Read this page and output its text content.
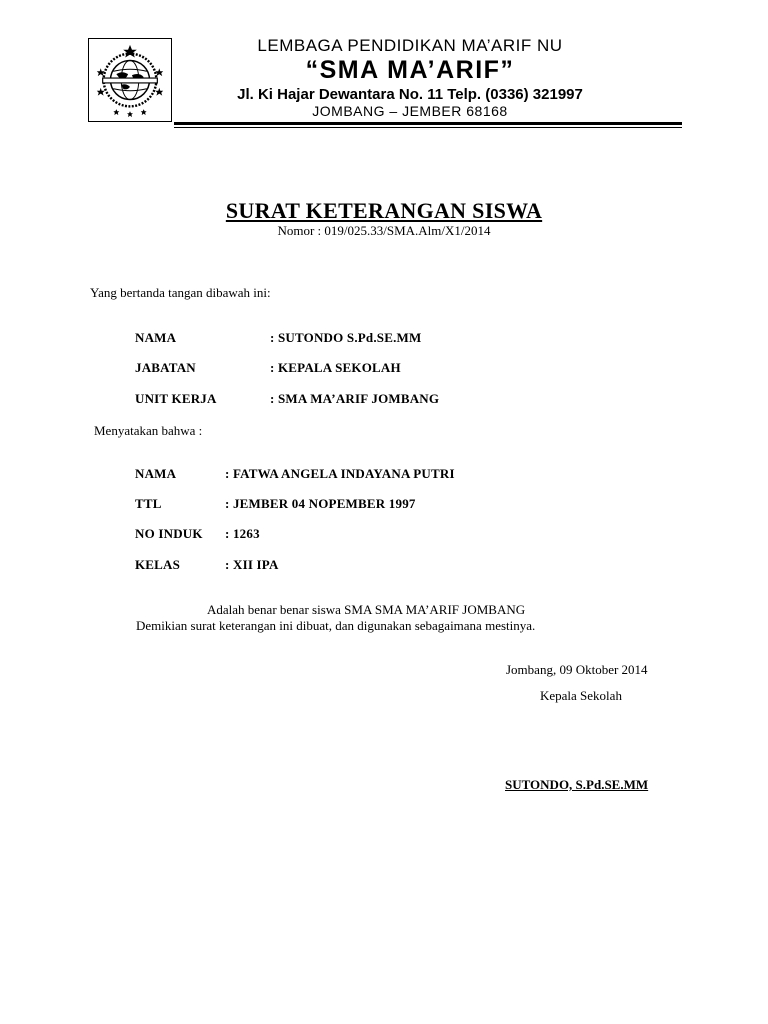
LEMBAGA PENDIDIKAN MA’ARIF NU
“SMA MA’ARIF”
Jl. Ki Hajar Dewantara No. 11 Telp. (0336) 321997
JOMBANG – JEMBER 68168
SURAT KETERANGAN SISWA
Nomor : 019/025.33/SMA.Alm/X1/2014
Yang bertanda tangan dibawah ini:
NAMA	: SUTONDO S.Pd.SE.MM
JABATAN	: KEPALA SEKOLAH
UNIT KERJA	: SMA MA’ARIF JOMBANG
Menyatakan bahwa :
NAMA	: FATWA ANGELA INDAYANA PUTRI
TTL	: JEMBER 04 NOPEMBER 1997
NO INDUK : 1263
KELAS	: XII IPA
Adalah benar benar siswa SMA SMA MA’ARIF JOMBANG
Demikian surat keterangan ini dibuat, dan digunakan sebagaimana mestinya.
Jombang, 09 Oktober 2014
Kepala Sekolah
SUTONDO, S.Pd.SE.MM
